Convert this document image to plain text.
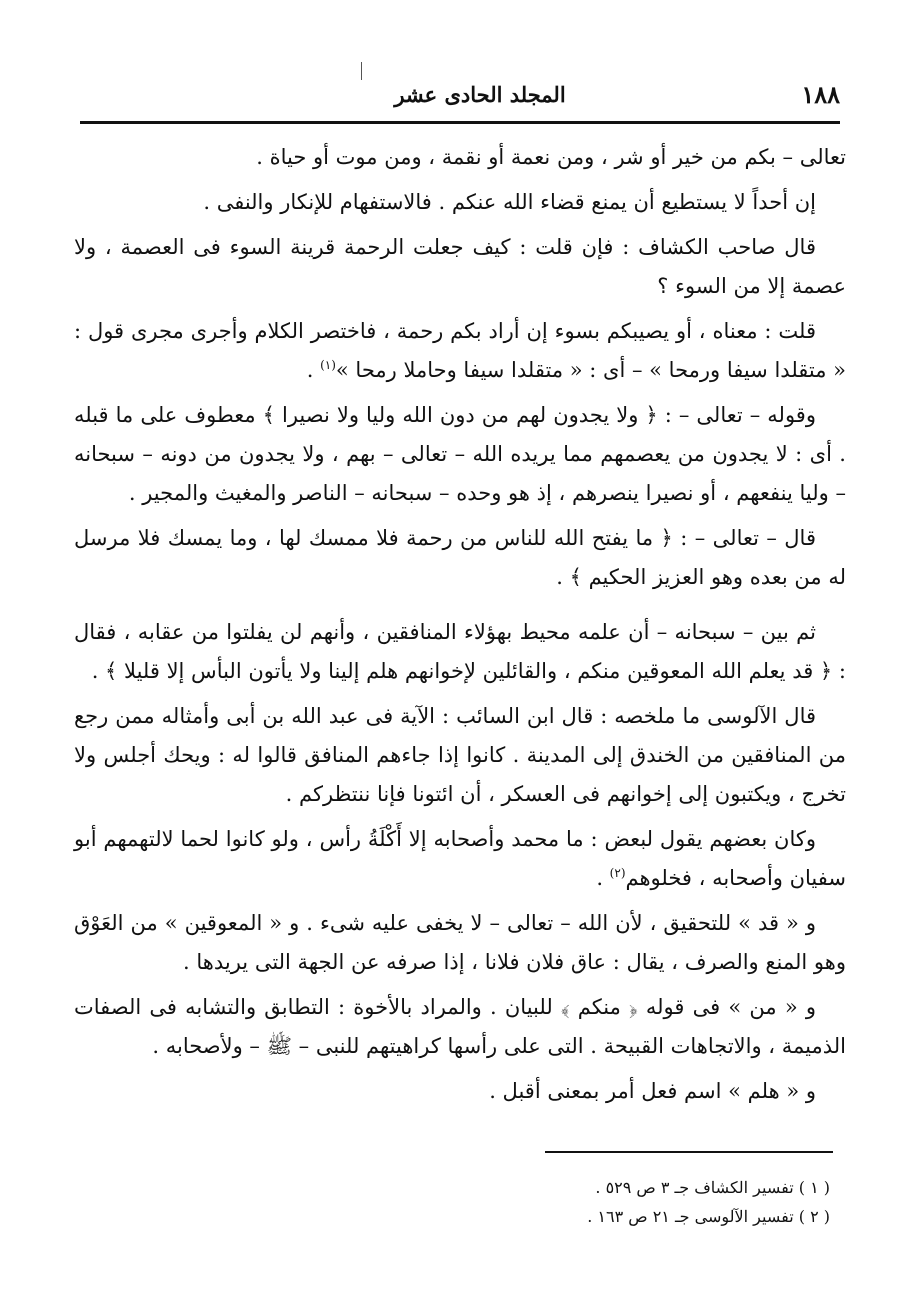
١٨٨
المجلد الحادى عشر

تعالى – بكم من خير أو شر ، ومن نعمة أو نقمة ، ومن موت أو حياة .

إن أحداً لا يستطيع أن يمنع قضاء الله عنكم . فالاستفهام للإنكار والنفى .

قال صاحب الكشاف : فإن قلت : كيف جعلت الرحمة قرينة السوء فى العصمة ، ولا عصمة إلا من السوء ؟

قلت : معناه ، أو يصيبكم بسوء إن أراد بكم رحمة ، فاختصر الكلام وأجرى مجرى قول : « متقلدا سيفا ورمحا » – أى : « متقلدا سيفا وحاملا رمحا »$^{(١)}$ .

وقوله – تعالى – : ﴿ ولا يجدون لهم من دون الله وليا ولا نصيرا ﴾ معطوف على ما قبله . أى : لا يجدون من يعصمهم مما يريده الله – تعالى – بهم ، ولا يجدون من دونه – سبحانه – وليا ينفعهم ، أو نصيرا ينصرهم ، إذ هو وحده – سبحانه – الناصر والمغيث والمجير .

قال – تعالى – : ﴿ ما يفتح الله للناس من رحمة فلا ممسك لها ، وما يمسك فلا مرسل له من بعده وهو العزيز الحكيم ﴾ .

ثم بين – سبحانه – أن علمه محيط بهؤلاء المنافقين ، وأنهم لن يفلتوا من عقابه ، فقال : ﴿ قد يعلم الله المعوقين منكم ، والقائلين لإخوانهم هلم إلينا ولا يأتون البأس إلا قليلا ﴾ .

قال الآلوسى ما ملخصه : قال ابن السائب : الآية فى عبد الله بن أبى وأمثاله ممن رجع من المنافقين من الخندق إلى المدينة . كانوا إذا جاءهم المنافق قالوا له : ويحك أجلس ولا تخرج ، ويكتبون إلى إخوانهم فى العسكر ، أن ائتونا فإنا ننتظركم .

وكان بعضهم يقول لبعض : ما محمد وأصحابه إلا أَكْلَةُ رأس ، ولو كانوا لحما لالتهمهم أبو سفيان وأصحابه ، فخلوهم$^{(٢)}$ .

و « قد » للتحقيق ، لأن الله – تعالى – لا يخفى عليه شىء . و « المعوقين » من العَوْق وهو المنع والصرف ، يقال : عاق فلان فلانا ، إذا صرفه عن الجهة التى يريدها .

و « من » فى قوله ﴿ منكم ﴾ للبيان . والمراد بالأخوة : التطابق والتشابه فى الصفات الذميمة ، والاتجاهات القبيحة . التى على رأسها كراهيتهم للنبى – ﷺ – ولأصحابه .

و « هلم » اسم فعل أمر بمعنى أقبل .

( ١ ) تفسير الكشاف جـ ٣ ص ٥٢٩ .
( ٢ ) تفسير الآلوسى جـ ٢١ ص ١٦٣ .
